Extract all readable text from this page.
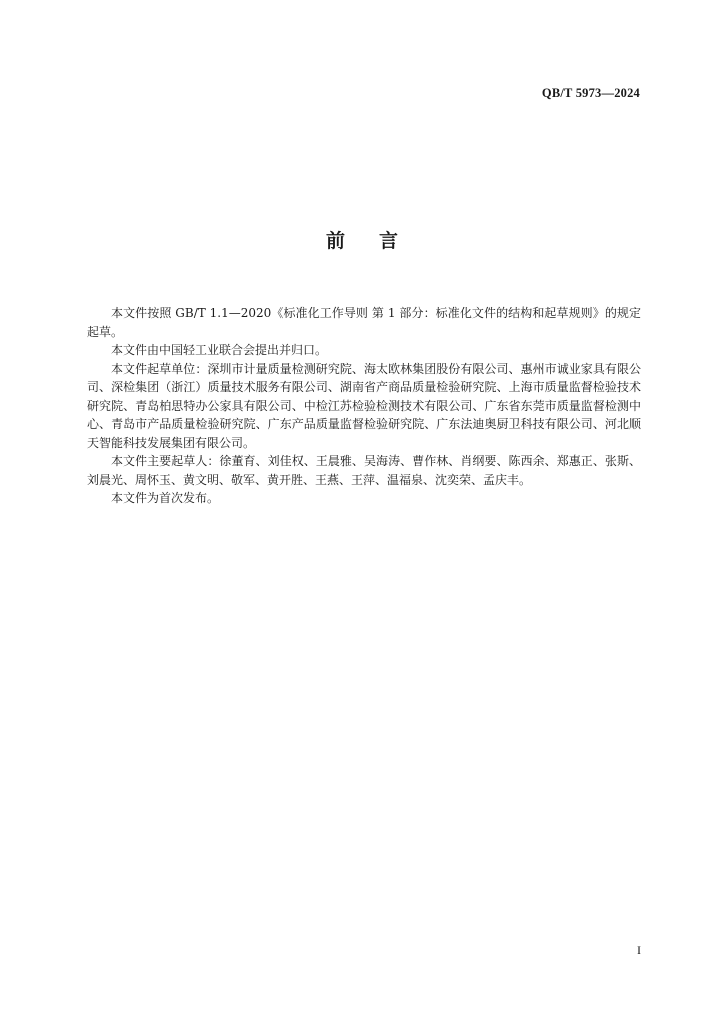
QB/T 5973—2024
前 言

本文件按照 GB/T 1.1—2020《标准化工作导则 第 1 部分：标准化文件的结构和起草规则》的规定起草。

本文件由中国轻工业联合会提出并归口。

本文件起草单位：深圳市计量质量检测研究院、海太欧林集团股份有限公司、惠州市诚业家具有限公司、深检集团（浙江）质量技术服务有限公司、湖南省产商品质量检验研究院、上海市质量监督检验技术研究院、青岛柏思特办公家具有限公司、中检江苏检验检测技术有限公司、广东省东莞市质量监督检测中心、青岛市产品质量检验研究院、广东产品质量监督检验研究院、广东法迪奥厨卫科技有限公司、河北顺天智能科技发展集团有限公司。

本文件主要起草人：徐董育、刘佳权、王晨雅、吴海涛、曹作林、肖纲要、陈西余、郑惠正、张斯、刘晨光、周怀玉、黄文明、敬军、黄开胜、王燕、王萍、温福泉、沈奕荣、孟庆丰。

本文件为首次发布。

I
